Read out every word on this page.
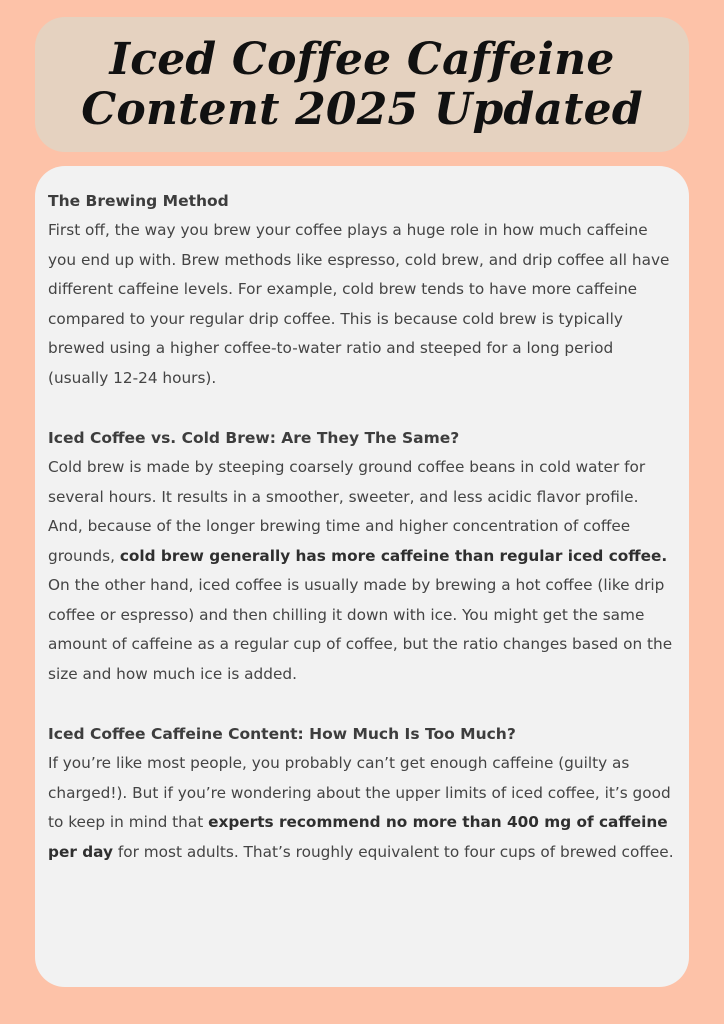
Iced Coffee Caffeine
Content 2025 Updated
The Brewing Method

First off, the way you brew your coffee plays a huge role in how much caffeine you end up with. Brew methods like espresso, cold brew, and drip coffee all have different caffeine levels. For example, cold brew tends to have more caffeine compared to your regular drip coffee. This is because cold brew is typically brewed using a higher coffee-to-water ratio and steeped for a long period (usually 12-24 hours).

Iced Coffee vs. Cold Brew: Are They The Same?

Cold brew is made by steeping coarsely ground coffee beans in cold water for several hours. It results in a smoother, sweeter, and less acidic flavor profile. And, because of the longer brewing time and higher concentration of coffee grounds, cold brew generally has more caffeine than regular iced coffee. On the other hand, iced coffee is usually made by brewing a hot coffee (like drip coffee or espresso) and then chilling it down with ice. You might get the same amount of caffeine as a regular cup of coffee, but the ratio changes based on the size and how much ice is added.

Iced Coffee Caffeine Content: How Much Is Too Much?

If you’re like most people, you probably can’t get enough caffeine (guilty as charged!). But if you’re wondering about the upper limits of iced coffee, it’s good to keep in mind that experts recommend no more than 400 mg of caffeine per day for most adults. That’s roughly equivalent to four cups of brewed coffee.
